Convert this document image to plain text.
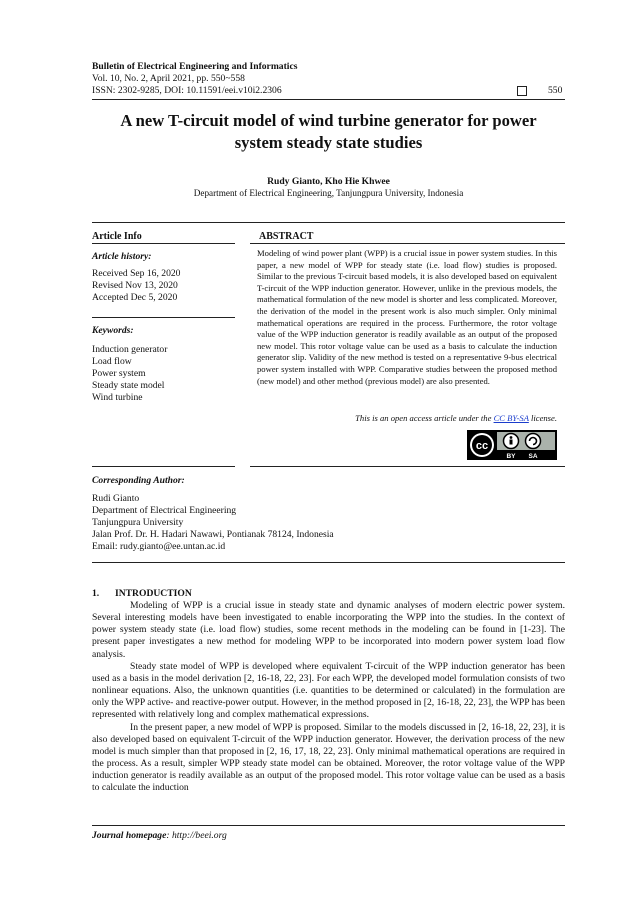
Bulletin of Electrical Engineering and Informatics
Vol. 10, No. 2, April 2021, pp. 550~558
ISSN: 2302-9285, DOI: 10.11591/eei.v10i2.2306	550
A new T-circuit model of wind turbine generator for power
system steady state studies
Rudy Gianto, Kho Hie Khwee
Department of Electrical Engineering, Tanjungpura University, Indonesia
Article Info	ABSTRACT
Article history:
Received Sep 16, 2020
Revised Nov 13, 2020
Accepted Dec 5, 2020
Keywords:
Induction generator
Load flow
Power system
Steady state model
Wind turbine
Modeling of wind power plant (WPP) is a crucial issue in power system studies. In this paper, a new model of WPP for steady state (i.e. load flow) studies is proposed. Similar to the previous T-circuit based models, it is also developed based on equivalent T-circuit of the WPP induction generator. However, unlike in the previous models, the mathematical formulation of the new model is shorter and less complicated. Moreover, the derivation of the model in the present work is also much simpler. Only minimal mathematical operations are required in the process. Furthermore, the rotor voltage value of the WPP induction generator is readily available as an output of the proposed new model. This rotor voltage value can be used as a basis to calculate the induction generator slip. Validity of the new method is tested on a representative 9-bus electrical power system installed with WPP. Comparative studies between the proposed method (new model) and other method (previous model) are also presented.
This is an open access article under the CC BY-SA license.
cc
BY SA
Corresponding Author:
Rudi Gianto
Department of Electrical Engineering
Tanjungpura University
Jalan Prof. Dr. H. Hadari Nawawi, Pontianak 78124, Indonesia
Email: rudy.gianto@ee.untan.ac.id
1. INTRODUCTION

Modeling of WPP is a crucial issue in steady state and dynamic analyses of modern electric power system. Several interesting models have been investigated to enable incorporating the WPP into the studies. In the context of power system steady state (i.e. load flow) studies, some recent methods in the modeling can be found in [1-23]. The present paper investigates a new method for modeling WPP to be incorporated into modern power system load flow analysis.

Steady state model of WPP is developed where equivalent T-circuit of the WPP induction generator has been used as a basis in the model derivation [2, 16-18, 22, 23]. For each WPP, the developed model formulation consists of two nonlinear equations. Also, the unknown quantities (i.e. quantities to be determined or calculated) in the formulation are only the WPP active- and reactive-power output. However, in the method proposed in [2, 16-18, 22, 23], the WPP has been represented with relatively long and complex mathematical expressions.

In the present paper, a new model of WPP is proposed. Similar to the models discussed in [2, 16-18, 22, 23], it is also developed based on equivalent T-circuit of the WPP induction generator. However, the derivation process of the new model is much simpler than that proposed in [2, 16, 17, 18, 22, 23]. Only minimal mathematical operations are required in the process. As a result, simpler WPP steady state model can be obtained. Moreover, the rotor voltage value of the WPP induction generator is readily available as an output of the proposed model. This rotor voltage value can be used as a basis to calculate the induction

Journal homepage: http://beei.org
